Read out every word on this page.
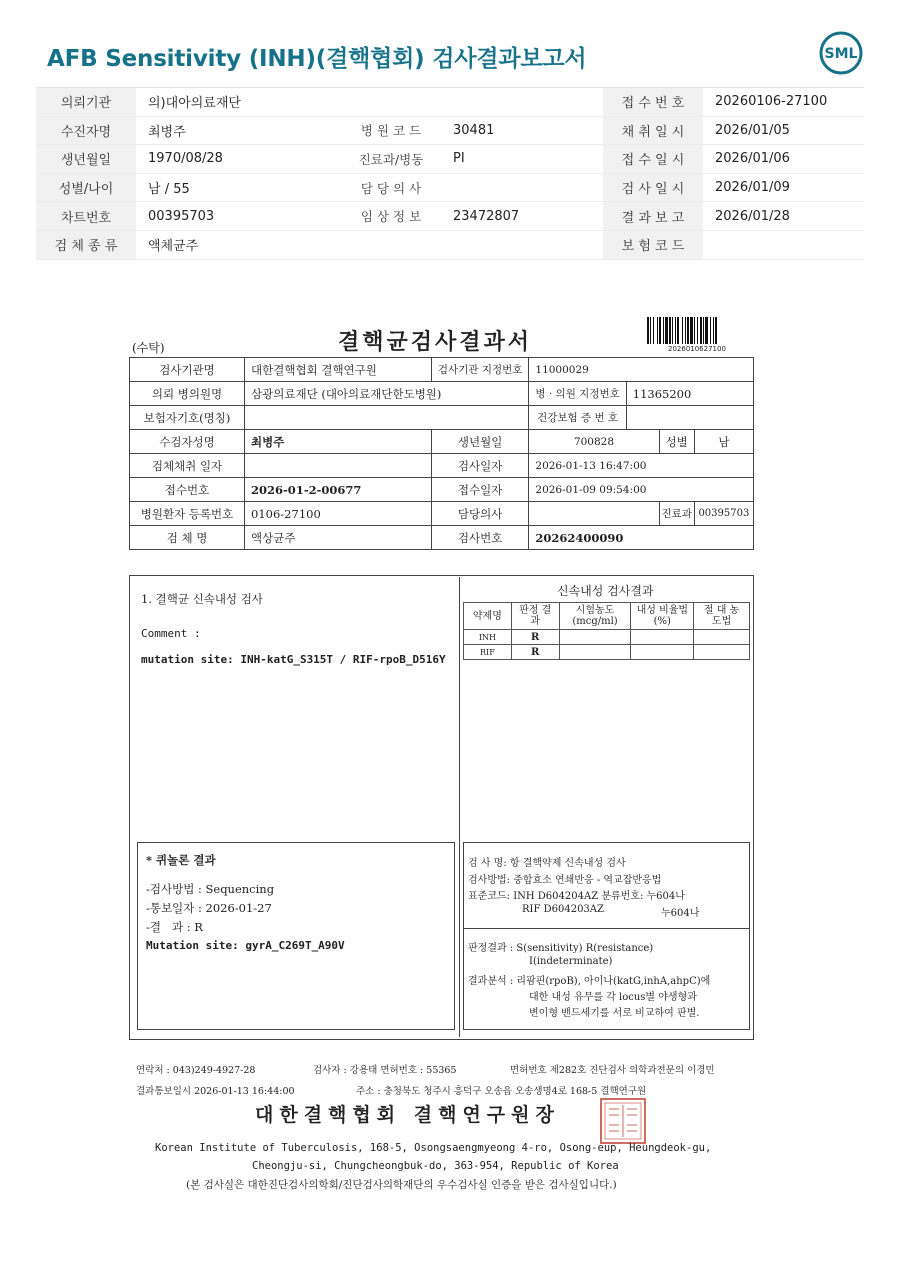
AFB Sensitivity (INH)(결핵협회) 검사결과보고서	SML
의뢰기관	의)대아의료재단			접 수 번 호	20260106-27100
수진자명	최병주	병 원 코 드	30481	채 취 일 시	2026/01/05
생년월일	1970/08/28	진료과/병동	PI	접 수 일 시	2026/01/06
성별/나이	남 / 55	담 당 의 사		검 사 일 시	2026/01/09
차트번호	00395703	임 상 정 보	23472807	결 과 보 고	2026/01/28
검 체 종 류	액체균주			보 험 코 드	
(수탁)	결핵균검사결과서	2026010627100
검사기관명	대한결핵협회 결핵연구원	검사기관 지정번호	11000029			
의뢰 병의원명	삼광의료재단 (대아의료재단한도병원)		병 · 의원 지정번호	11365200		
보험자기호(명칭)			건강보험 증 번 호			
수검자성명	최병주	생년월일	700828		성별	남
검체채취 일자		검사일자	2026-01-13 16:47:00			
접수번호	2026-01-2-00677	접수일자	2026-01-09 09:54:00			
병원환자 등록번호	0106-27100	담당의사			진료과	00395703
검 체 명	액상균주	검사번호	20262400090			
1. 결핵균 신속내성 검사
Comment :
mutation site: INH-katG_S315T / RIF-rpoB_D516Y
신속내성 검사결과
약제명	판정 결과	시험농도 (mcg/ml)	내성 비율법(%)	절 대 농도법
INH	R			
RIF	R			
* 퀴놀론 결과
-검사방법 : Sequencing
-통보일자 : 2026-01-27
-결   과 : R
Mutation site: gyrA_C269T_A90V
검 사 명: 항 결핵약제 신속내성 검사
검사방법: 중합효소 연쇄반응 - 역교잡반응법
표준코드: INH D604204AZ 분류번호: 누604나
RIF D604203AZ	누604나
판정결과 : S(sensitivity) R(resistance)
I(indeterminate)
결과분석 : 리팜핀(rpoB), 아이나(katG,inhA,ahpC)에
대한 내성 유무를 각 locus별 야생형과
변이형 밴드세기를 서로 비교하여 판별.
연락처 : 043)249-4927-28	검사자 : 강용태 면허번호 : 55365	면허번호 제282호 진단검사 의학과전문의 이경민
결과통보일시 2026-01-13 16:44:00	주소 : 충청북도 청주시 흥덕구 오송읍 오송생명4로 168-5 결핵연구원
대한결핵협회 결핵연구원장
Korean Institute of Tuberculosis, 168-5, Osongsaengmyeong 4-ro, Osong-eup, Heungdeok-gu,
Cheongju-si, Chungcheongbuk-do, 363-954, Republic of Korea
(본 검사실은 대한진단검사의학회/진단검사의학재단의 우수검사실 인증을 받은 검사실입니다.)
